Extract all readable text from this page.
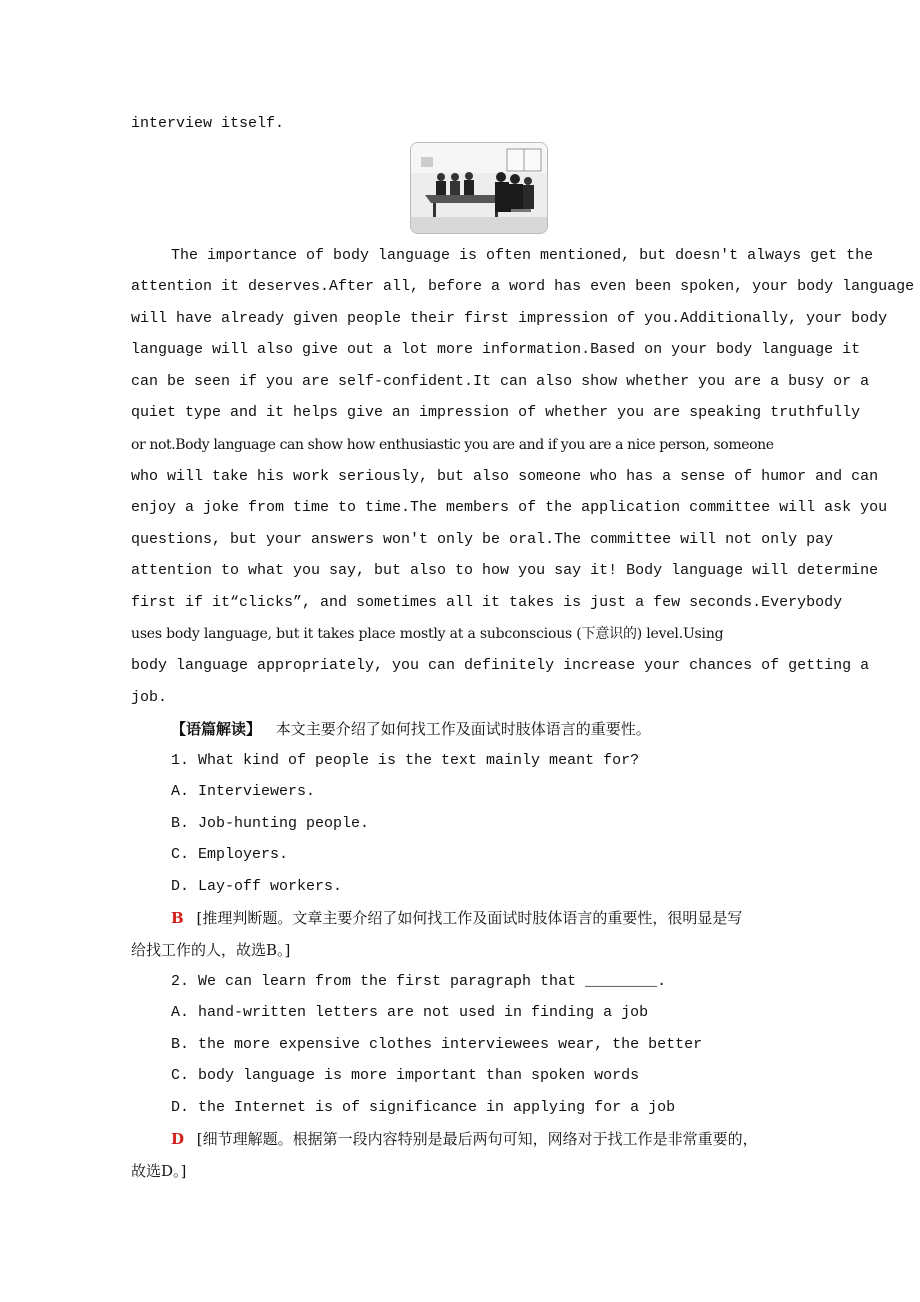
interview itself.
The importance of body language is often mentioned, but doesn't always get the
attention it deserves.After all, before a word has even been spoken, your body language
will have already given people their first impression of you.Additionally, your body
language will also give out a lot more information.Based on your body language it
can be seen if you are self-confident.It can also show whether you are a busy or a
quiet type and it helps give an impression of whether you are speaking truthfully
or not.Body language can show how enthusiastic you are and if you are a nice person, someone
who will take his work seriously, but also someone who has a sense of humor and can
enjoy a joke from time to time.The members of the application committee will ask you
questions, but your answers won't only be oral.The committee will not only pay
attention to what you say, but also to how you say it! Body language will determine
first if it“clicks”, and sometimes all it takes is just a few seconds.Everybody
uses body language, but it takes place mostly at a subconscious (下意识的) level.Using
body language appropriately, you can definitely increase your chances of getting a
job.
【语篇解读】 本文主要介绍了如何找工作及面试时肢体语言的重要性。
1. What kind of people is the text mainly meant for?
A. Interviewers.
B. Job-hunting people.
C. Employers.
D. Lay-off workers.
B [推理判断题。文章主要介绍了如何找工作及面试时肢体语言的重要性，很明显是写
给找工作的人，故选B。]
2. We can learn from the first paragraph that ________.
A. hand-written letters are not used in finding a job
B. the more expensive clothes interviewees wear, the better
C. body language is more important than spoken words
D. the Internet is of significance in applying for a job
D [细节理解题。根据第一段内容特别是最后两句可知，网络对于找工作是非常重要的，
故选D。]
